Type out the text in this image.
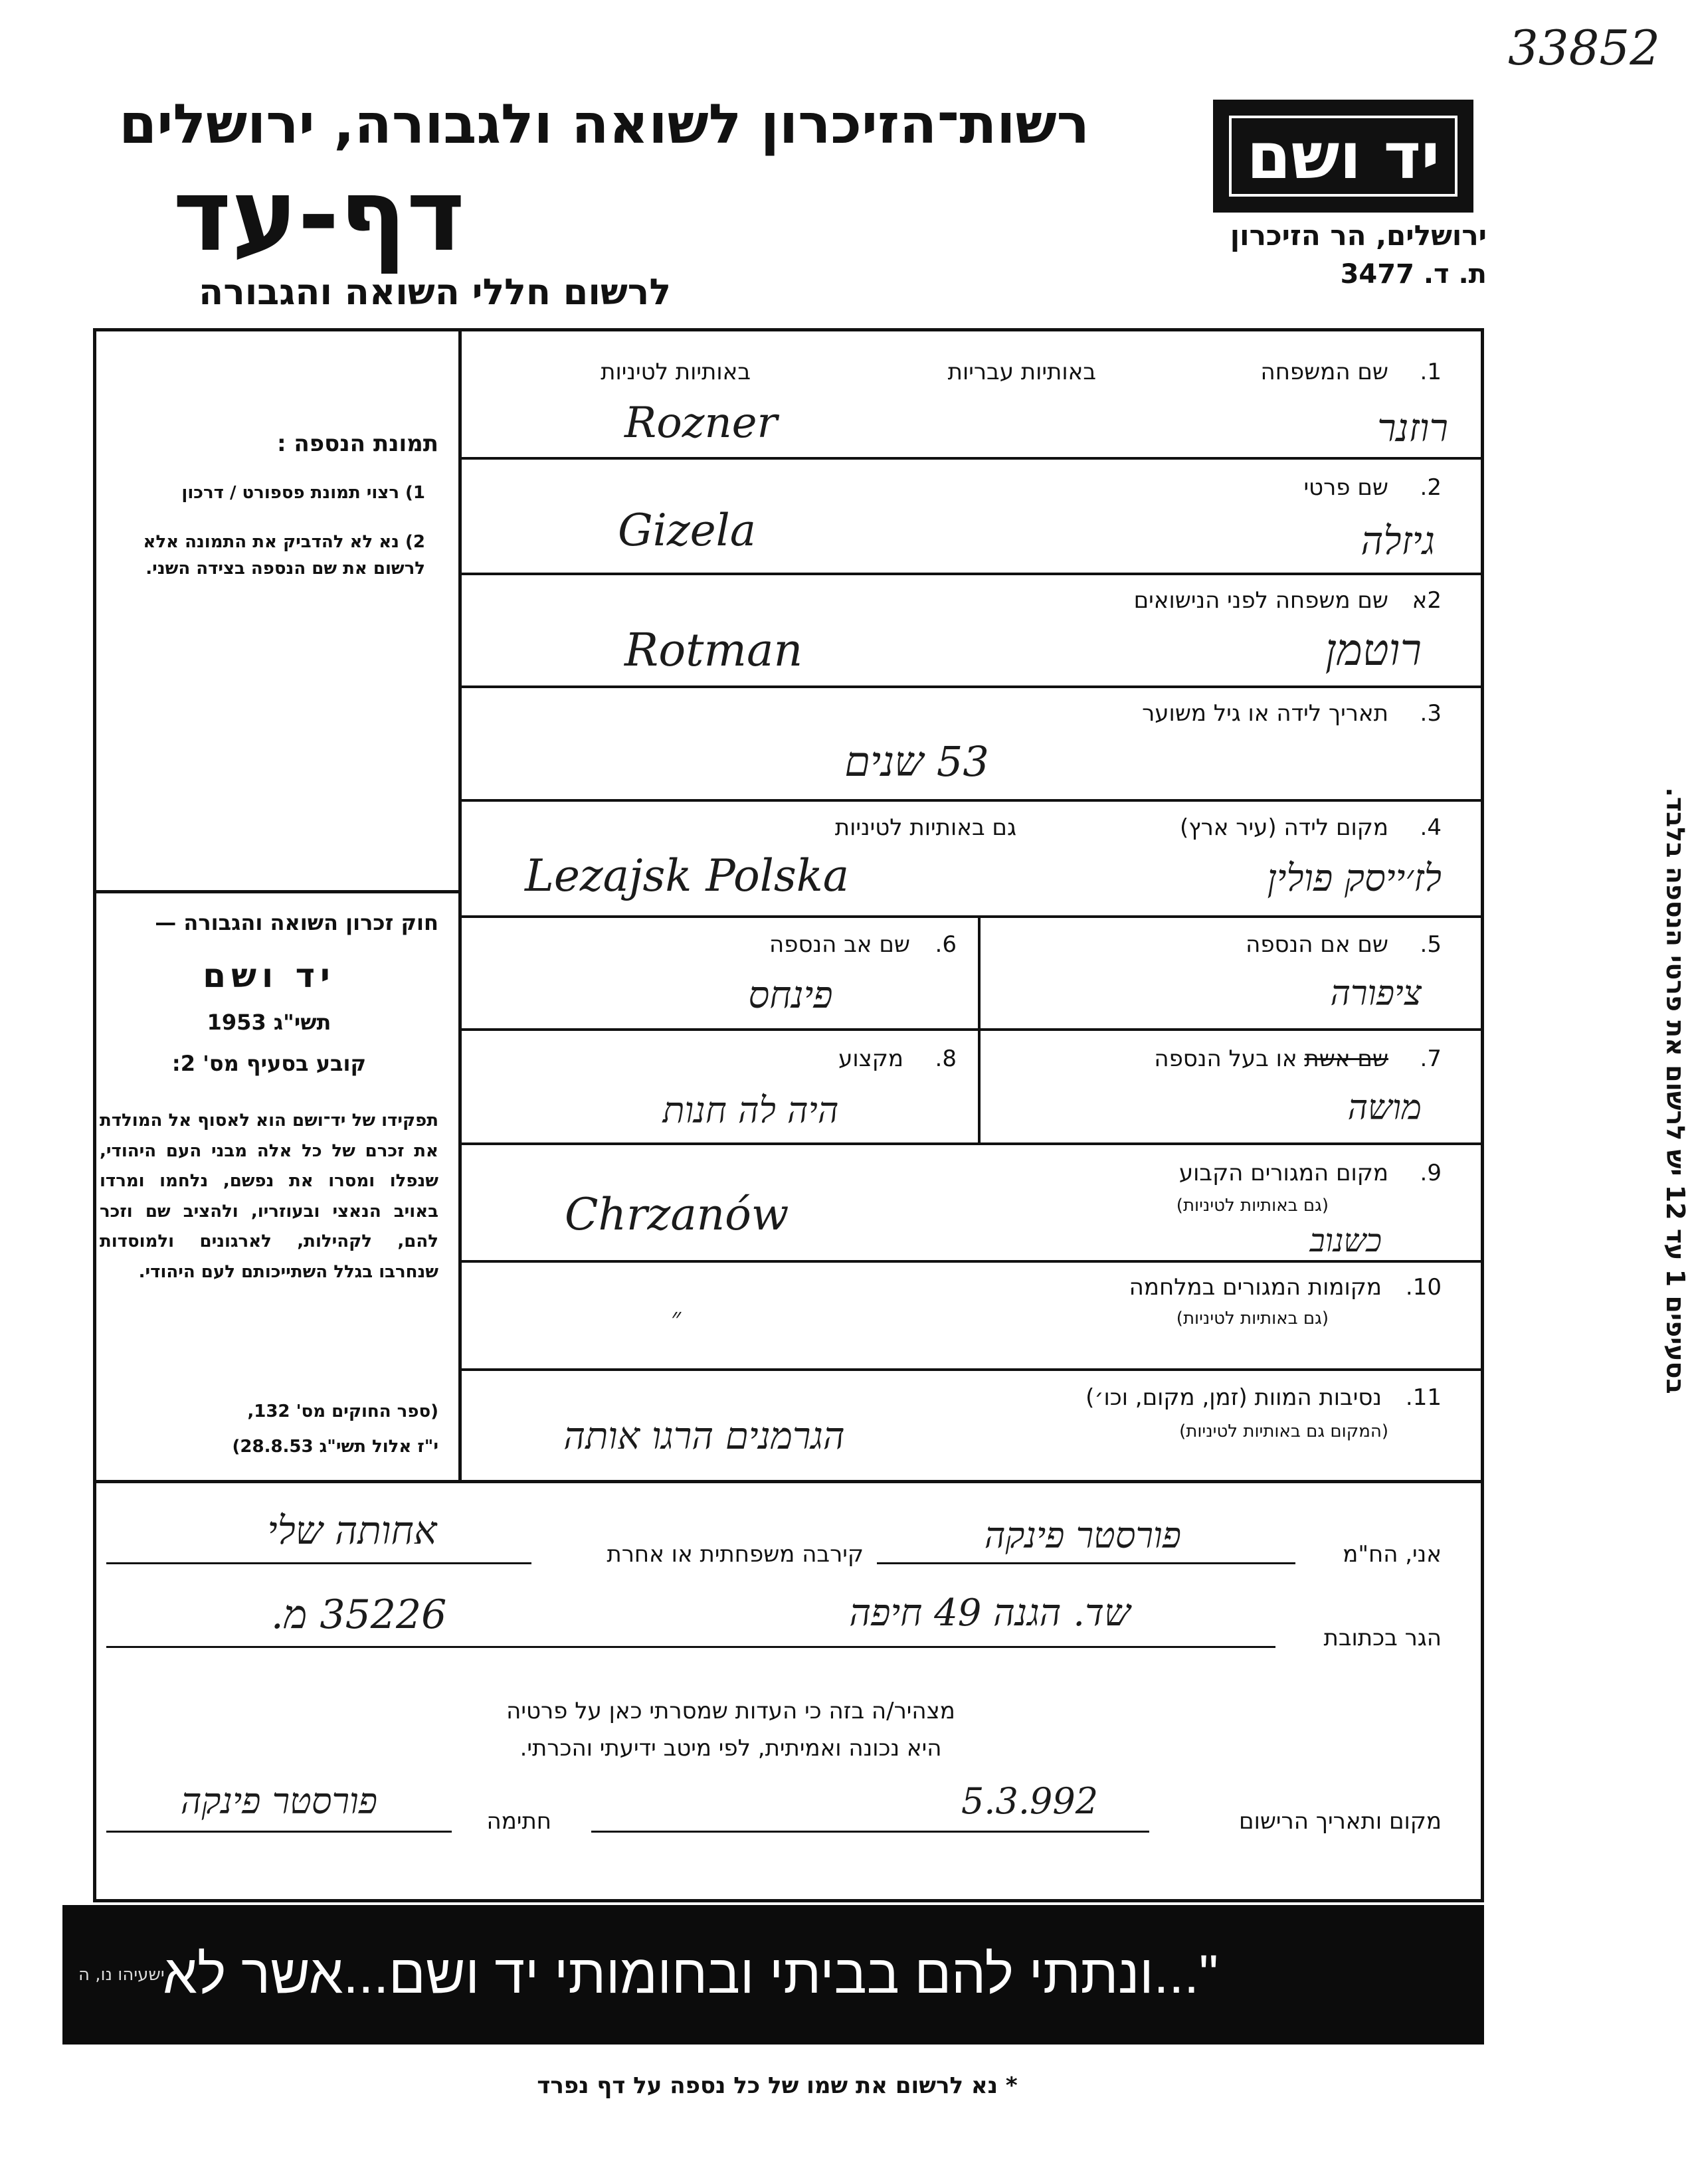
33852
רשות־הזיכרון לשואה ולגבורה, ירושלים
דף-עד
לרשום חללי השואה והגבורה
יד ושם
ירושלים, הר הזיכרון
ת. ד. 3477
תמונת הנספה :
1) רצוי תמונת פספורט / דרכון
2) נא לא להדביק את התמונה אלא לרשום את שם הנספה בצידה השני.
חוק זכרון השואה והגבורה —
יד ושם
תשי"ג 1953
קובע בסעיף מס' 2:
תפקידו של יד־ושם הוא לאסוף אל המולדת את זכרם של כל אלה מבני העם היהודי, שנפלו ומסרו את נפשם, נלחמו ומרדו באויב הנאצי ובעוזריו, ולהציב שם וזכר להם, לקהילות, לארגונים ולמוסדות שנחרבו בגלל השתייכותם לעם היהודי.
(ספר החוקים מס' 132,
י"ז אלול תשי"ג 28.8.53)
בסעיפים 1 עד 12 יש לרשום את פרטי הנספה בלבד.
באותיות עבריות
באותיות לטיניות	1.
שם המשפחה
רוזנר
Rozner
2.
שם פרטי
גיזלה
Gizela
2א
שם משפחה לפני הנישואים
רוטמן
Rotman
3.
תאריך לידה או גיל משוער
53 שנים
4.
מקום לידה (עיר ארץ)
גם באותיות לטיניות
לז׳ייסק פולין
Lezajsk Polska
5.
שם אם הנספה
ציפורה
6.
שם אב הנספה
פינחס
7.
שם אשת או בעל הנספה
מושה
8.
מקצוע
היה לה חנות
9.
מקום המגורים הקבוע
(גם באותיות לטיניות)
כשנוב
Chrzanów
10.
מקומות המגורים במלחמה
(גם באותיות לטיניות)
״
11.
נסיבות המוות (זמן, מקום, וכו׳)
(המקום גם באותיות לטיניות)
הגרמנים הרגו אותה
אני, הח"מ
פורסטר פינקה
קירבה משפחתית או אחרת
אחותה שלי
הגר בכתובת
שד. הגנה 49 חיפה
35226 מ.
מצהיר/ה בזה כי העדות שמסרתי כאן על פרטיה
היא נכונה ואמיתית, לפי מיטב ידיעתי והכרתי.
מקום ותאריך הרישום
5.3.992
חתימה
פורסטר פינקה
"...ונתתי להם בביתי ובחומותי יד ושם...אשר לא יכרת"
ישעיהו נו, ה
* נא לרשום את שמו של כל נספה על דף נפרד
